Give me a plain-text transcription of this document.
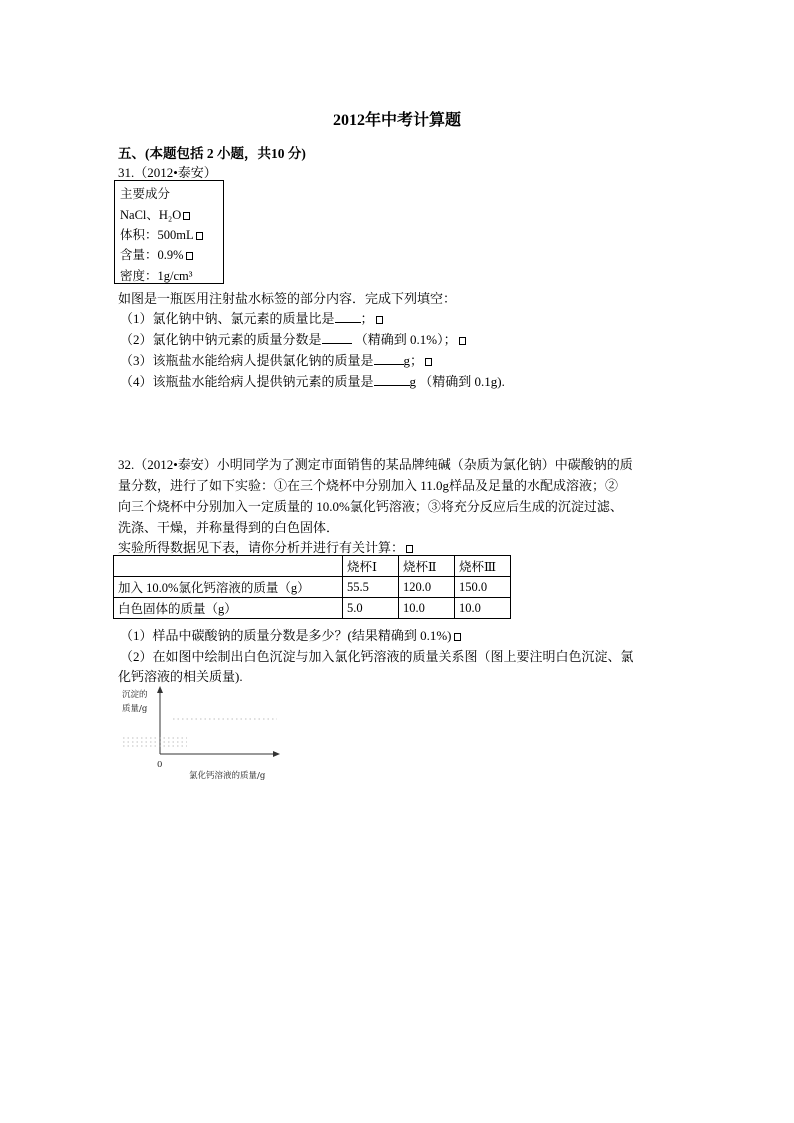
2012年中考计算题
五、(本题包括 2 小题，共10 分)
31.（2012•泰安）
主要成分
NaCl、H₂O
体积：500mL
含量：0.9%
密度：1g/cm³
如图是一瓶医用注射盐水标签的部分内容．完成下列填空：
（1）氯化钠中钠、氯元素的质量比是 ；
（2）氯化钠中钠元素的质量分数是	（精确到 0.1%）；
（3）该瓶盐水能给病人提供氯化钠的质量是 g；
（4）该瓶盐水能给病人提供钠元素的质量是	g （精确到 0.1g).
32.（2012•泰安）小明同学为了测定市面销售的某品牌纯碱（杂质为氯化钠）中碳酸钠的质
量分数，进行了如下实验：①在三个烧杯中分别加入 11.0g样品及足量的水配成溶液；②
向三个烧杯中分别加入一定质量的 10.0%氯化钙溶液；③将充分反应后生成的沉淀过滤、
洗涤、干燥，并称量得到的白色固体．
实验所得数据见下表，请你分析并进行有关计算：
	烧杯Ⅰ	烧杯Ⅱ	烧杯Ⅲ
加入 10.0%氯化钙溶液的质量（g）	55.5	120.0	150.0
白色固体的质量（g）	5.0	10.0	10.0
（1）样品中碳酸钠的质量分数是多少？(结果精确到 0.1%)
（2）在如图中绘制出白色沉淀与加入氯化钙溶液的质量关系图（图上要注明白色沉淀、氯
化钙溶液的相关质量).
沉淀的
质量/g
0
氯化钙溶液的质量/g
